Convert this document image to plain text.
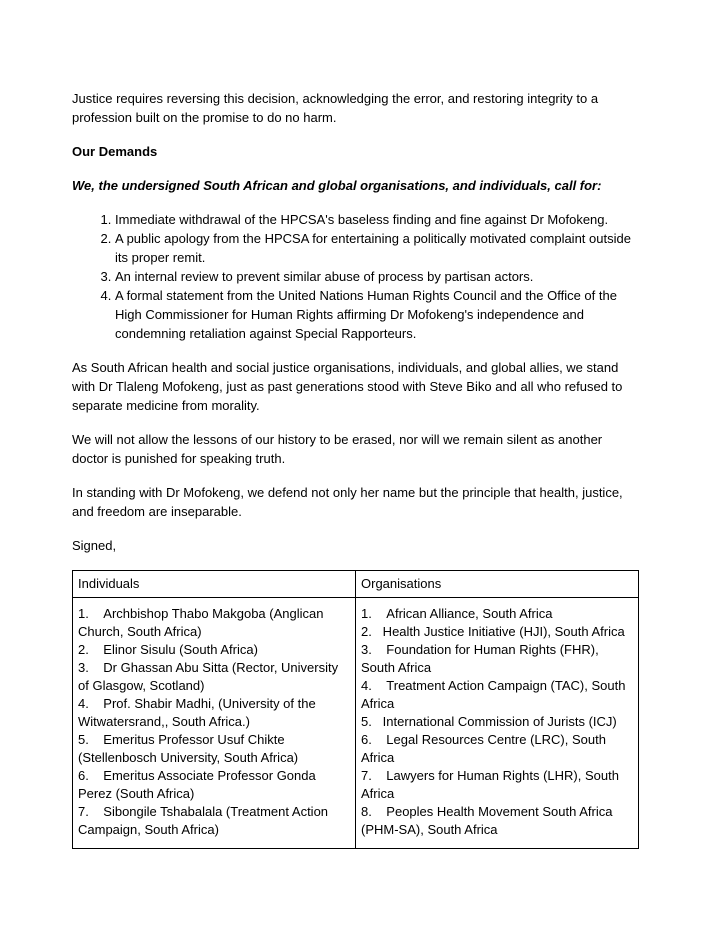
Justice requires reversing this decision, acknowledging the error, and restoring integrity to a profession built on the promise to do no harm.

Our Demands

We, the undersigned South African and global organisations, and individuals, call for:

1. Immediate withdrawal of the HPCSA's baseless finding and fine against Dr Mofokeng.
2. A public apology from the HPCSA for entertaining a politically motivated complaint outside its proper remit.
3. An internal review to prevent similar abuse of process by partisan actors.
4. A formal statement from the United Nations Human Rights Council and the Office of the High Commissioner for Human Rights affirming Dr Mofokeng's independence and condemning retaliation against Special Rapporteurs.

As South African health and social justice organisations, individuals, and global allies, we stand with Dr Tlaleng Mofokeng, just as past generations stood with Steve Biko and all who refused to separate medicine from morality.

We will not allow the lessons of our history to be erased, nor will we remain silent as another doctor is punished for speaking truth.

In standing with Dr Mofokeng, we defend not only her name but the principle that health, justice, and freedom are inseparable.

Signed,

Individuals	Organisations

1.    Archbishop Thabo Makgoba (Anglican Church, South Africa)
2.    Elinor Sisulu (South Africa)
3.    Dr Ghassan Abu Sitta (Rector, University of Glasgow, Scotland)
4.    Prof. Shabir Madhi, (University of the Witwatersrand,, South Africa.)
5.    Emeritus Professor Usuf Chikte (Stellenbosch University, South Africa)
6.    Emeritus Associate Professor Gonda Perez (South Africa)
7.    Sibongile Tshabalala (Treatment Action Campaign, South Africa)

1.    African Alliance, South Africa
2.   Health Justice Initiative (HJI), South Africa
3.    Foundation for Human Rights (FHR), South Africa
4.    Treatment Action Campaign (TAC), South Africa
5.   International Commission of Jurists (ICJ)
6.    Legal Resources Centre (LRC), South Africa
7.    Lawyers for Human Rights (LHR), South Africa
8.    Peoples Health Movement South Africa (PHM-SA), South Africa
